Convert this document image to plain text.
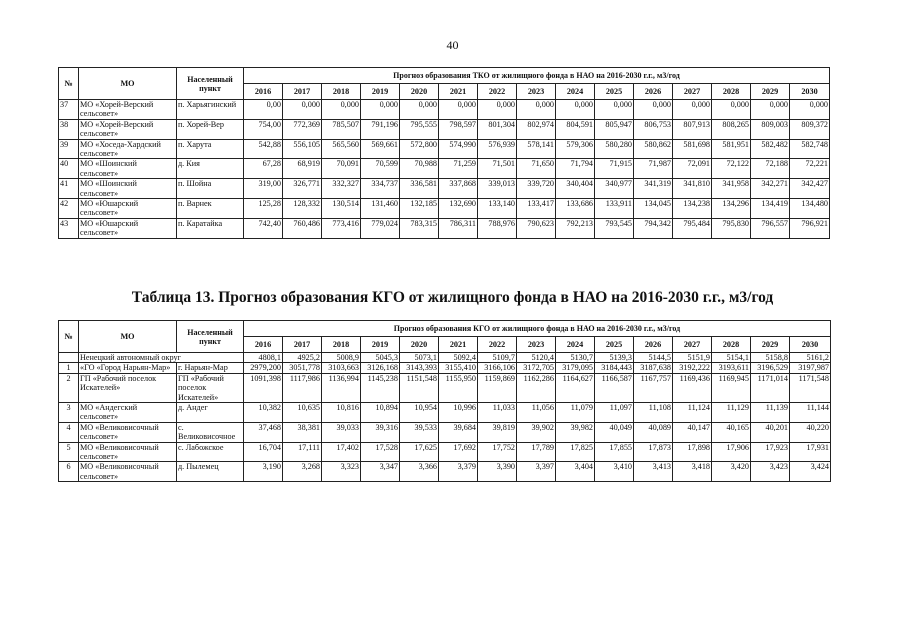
40
№	МО	Населенный пункт	Прогноз образования ТКО от жилищного фонда в НАО на 2016-2030 г.г., м3/год														
			2016	2017	2018	2019	2020	2021	2022	2023	2024	2025	2026	2027	2028	2029	2030
37	МО «Хорей-Верский сельсовет»	п. Харьягинский	0,00	0,000	0,000	0,000	0,000	0,000	0,000	0,000	0,000	0,000	0,000	0,000	0,000	0,000	0,000
38	МО «Хорей-Верский сельсовет»	п. Хорей-Вер	754,00	772,369	785,507	791,196	795,555	798,597	801,304	802,974	804,591	805,947	806,753	807,913	808,265	809,003	809,372
39	МО «Хоседа-Хардский сельсовет»	п. Харута	542,88	556,105	565,560	569,661	572,800	574,990	576,939	578,141	579,306	580,280	580,862	581,698	581,951	582,482	582,748
40	МО «Шоинский сельсовет»	д. Кия	67,28	68,919	70,091	70,599	70,988	71,259	71,501	71,650	71,794	71,915	71,987	72,091	72,122	72,188	72,221
41	МО «Шоинский сельсовет»	п. Шойна	319,00	326,771	332,327	334,737	336,581	337,868	339,013	339,720	340,404	340,977	341,319	341,810	341,958	342,271	342,427
42	МО «Юшарский сельсовет»	п. Варнек	125,28	128,332	130,514	131,460	132,185	132,690	133,140	133,417	133,686	133,911	134,045	134,238	134,296	134,419	134,480
43	МО «Юшарский сельсовет»	п. Каратайка	742,40	760,486	773,416	779,024	783,315	786,311	788,976	790,623	792,213	793,545	794,342	795,484	795,830	796,557	796,921
Таблица 13. Прогноз образования КГО от жилищного фонда в НАО на 2016-2030 г.г., м3/год
№	МО	Населенный пункт	Прогноз образования КГО от жилищного фонда в НАО на 2016-2030 г.г., м3/год														
			2016	2017	2018	2019	2020	2021	2022	2023	2024	2025	2026	2027	2028	2029	2030
	Ненецкий автономный округ		4808,1	4925,2	5008,9	5045,3	5073,1	5092,4	5109,7	5120,4	5130,7	5139,3	5144,5	5151,9	5154,1	5158,8	5161,2
1	«ГО «Город Нарьян-Мар»	г. Нарьян-Мар	2979,200	3051,778	3103,663	3126,168	3143,393	3155,410	3166,106	3172,705	3179,095	3184,443	3187,638	3192,222	3193,611	3196,529	3197,987
2	ГП «Рабочий поселок Искателей»	ГП «Рабочий поселок Искателей»	1091,398	1117,986	1136,994	1145,238	1151,548	1155,950	1159,869	1162,286	1164,627	1166,587	1167,757	1169,436	1169,945	1171,014	1171,548
3	МО «Андегский сельсовет»	д. Андег	10,382	10,635	10,816	10,894	10,954	10,996	11,033	11,056	11,079	11,097	11,108	11,124	11,129	11,139	11,144
4	МО «Великовисочный сельсовет»	с. Великовисочное	37,468	38,381	39,033	39,316	39,533	39,684	39,819	39,902	39,982	40,049	40,089	40,147	40,165	40,201	40,220
5	МО «Великовисочный сельсовет»	с. Лабожское	16,704	17,111	17,402	17,528	17,625	17,692	17,752	17,789	17,825	17,855	17,873	17,898	17,906	17,923	17,931
6	МО «Великовисочный сельсовет»	д. Пылемец	3,190	3,268	3,323	3,347	3,366	3,379	3,390	3,397	3,404	3,410	3,413	3,418	3,420	3,423	3,424
